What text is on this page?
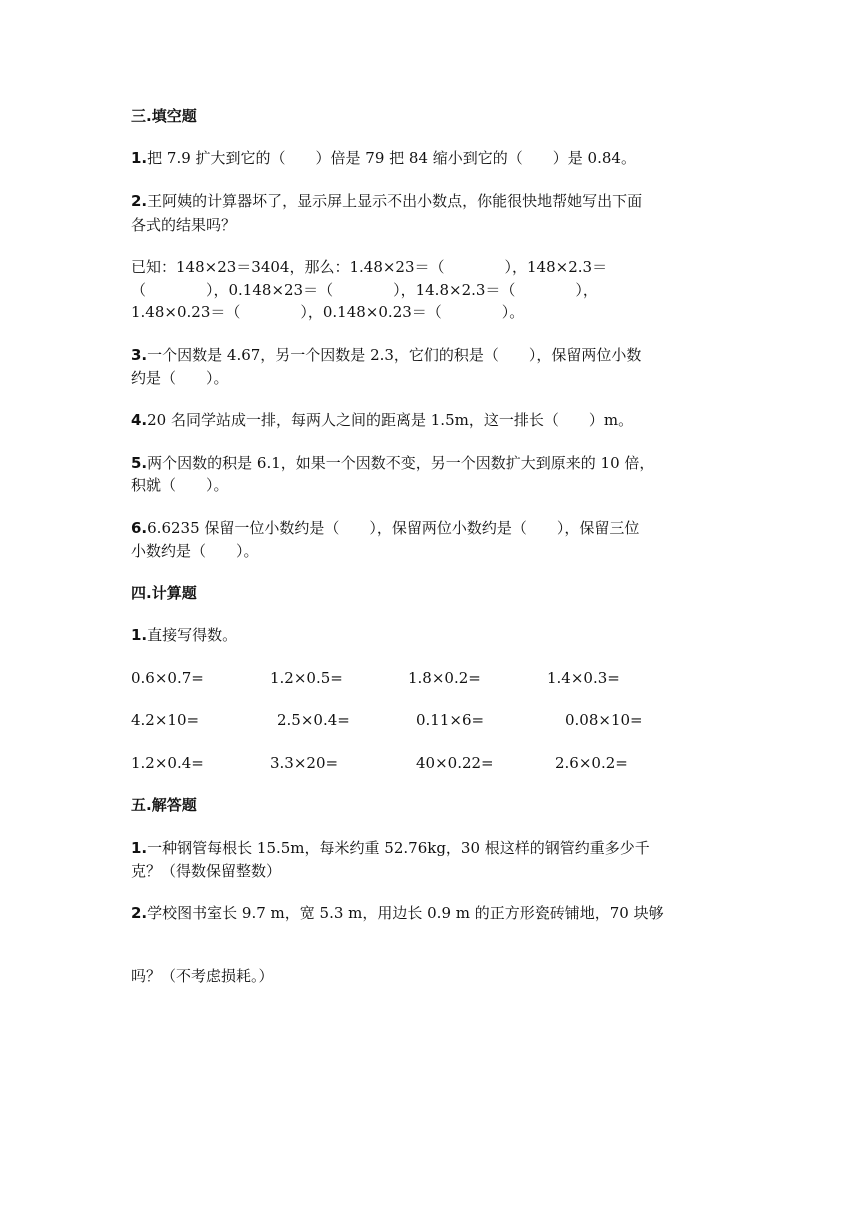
三.填空题
1.把 7.9 扩大到它的（　　）倍是 79 把 84 缩小到它的（　　）是 0.84。
2.王阿姨的计算器坏了，显示屏上显示不出小数点，你能很快地帮她写出下面
各式的结果吗？
已知：148×23＝3404，那么：1.48×23＝（　　　　），148×2.3＝
（　　　　），0.148×23＝（　　　　），14.8×2.3＝（　　　　），
1.48×0.23＝（　　　　），0.148×0.23＝（　　　　）。
3.一个因数是 4.67，另一个因数是 2.3，它们的积是（　　），保留两位小数
约是（　　）。
4.20 名同学站成一排，每两人之间的距离是 1.5m，这一排长（　　）m。
5.两个因数的积是 6.1，如果一个因数不变，另一个因数扩大到原来的 10 倍，
积就（　　）。
6.6.6235 保留一位小数约是（　　），保留两位小数约是（　　），保留三位
小数约是（　　）。
四.计算题
1.直接写得数。
0.6×0.7=	1.2×0.5=	1.8×0.2=	1.4×0.3=
4.2×10=	2.5×0.4=	0.11×6=	0.08×10=
1.2×0.4=	3.3×20=	40×0.22=	2.6×0.2=
五.解答题
1.一种钢管每根长 15.5m，每米约重 52.76kg，30 根这样的钢管约重多少千
克？（得数保留整数）
2.学校图书室长 9.7 m，宽 5.3 m，用边长 0.9 m 的正方形瓷砖铺地，70 块够
吗？（不考虑损耗。）
